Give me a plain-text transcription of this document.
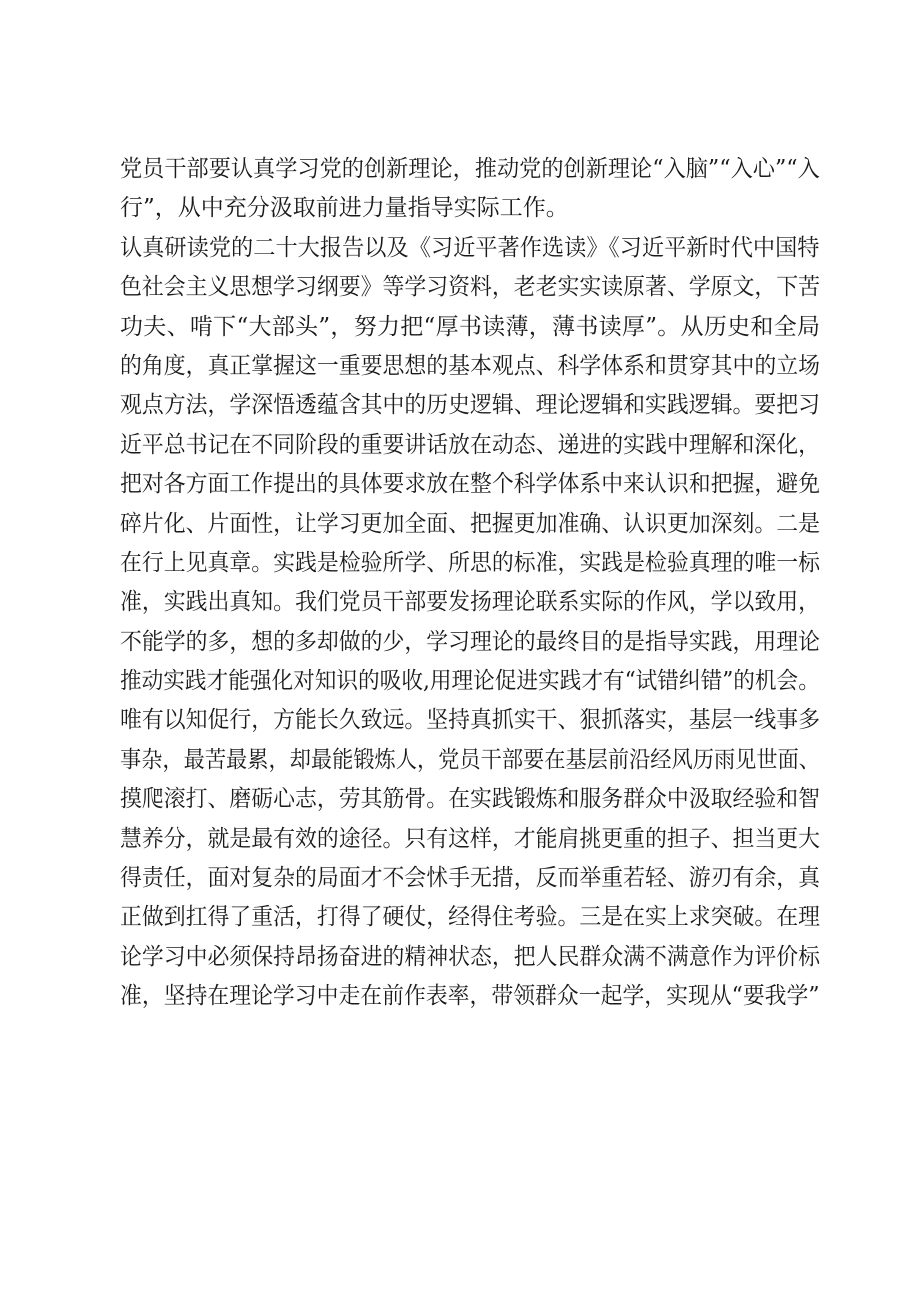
党员干部要认真学习党的创新理论，推动党的创新理论“入脑”“入心”“入
行”，从中充分汲取前进力量指导实际工作。
认真研读党的二十大报告以及《习近平著作选读》《习近平新时代中国特
色社会主义思想学习纲要》等学习资料，老老实实读原著、学原文，下苦
功夫、啃下“大部头”，努力把“厚书读薄，薄书读厚”。从历史和全局
的角度，真正掌握这一重要思想的基本观点、科学体系和贯穿其中的立场
观点方法，学深悟透蕴含其中的历史逻辑、理论逻辑和实践逻辑。要把习
近平总书记在不同阶段的重要讲话放在动态、递进的实践中理解和深化，
把对各方面工作提出的具体要求放在整个科学体系中来认识和把握，避免
碎片化、片面性，让学习更加全面、把握更加准确、认识更加深刻。二是
在行上见真章。实践是检验所学、所思的标准，实践是检验真理的唯一标
准，实践出真知。我们党员干部要发扬理论联系实际的作风，学以致用，
不能学的多，想的多却做的少，学习理论的最终目的是指导实践，用理论
推动实践才能强化对知识的吸收,用理论促进实践才有“试错纠错”的机会。
唯有以知促行，方能长久致远。坚持真抓实干、狠抓落实，基层一线事多
事杂，最苦最累，却最能锻炼人，党员干部要在基层前沿经风历雨见世面、
摸爬滚打、磨砺心志，劳其筋骨。在实践锻炼和服务群众中汲取经验和智
慧养分，就是最有效的途径。只有这样，才能肩挑更重的担子、担当更大
得责任，面对复杂的局面才不会怵手无措，反而举重若轻、游刃有余，真
正做到扛得了重活，打得了硬仗，经得住考验。三是在实上求突破。在理
论学习中必须保持昂扬奋进的精神状态，把人民群众满不满意作为评价标
准，坚持在理论学习中走在前作表率，带领群众一起学，实现从“要我学”
